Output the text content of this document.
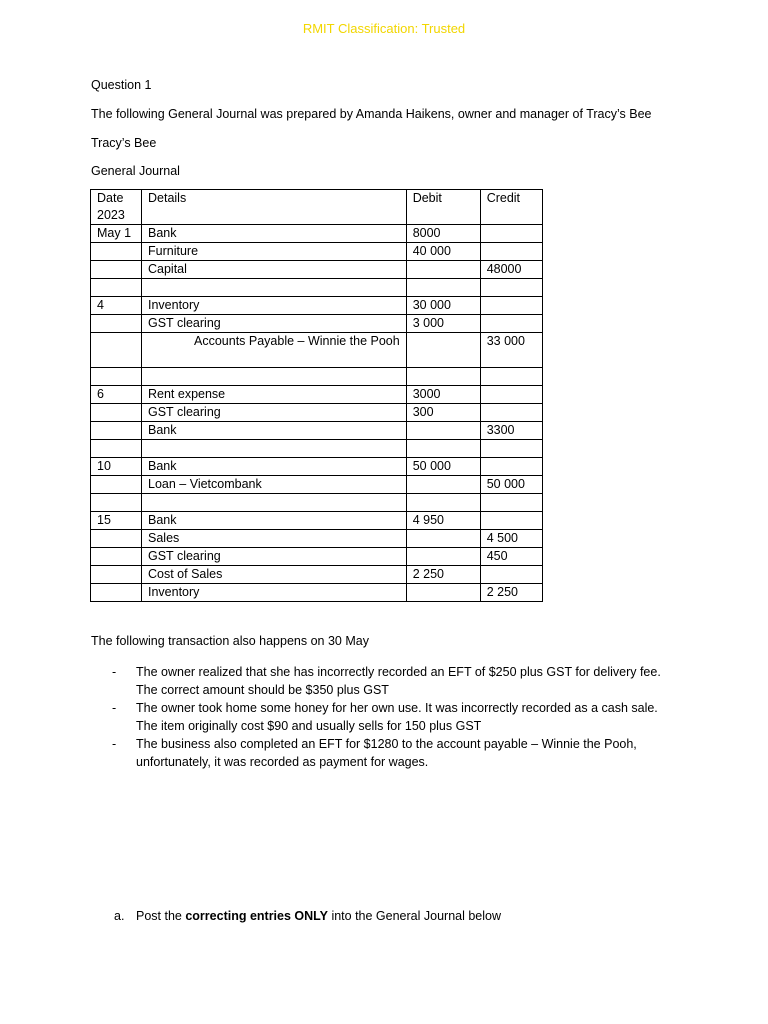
RMIT Classification: Trusted
Question 1
The following General Journal was prepared by Amanda Haikens, owner and manager of Tracy’s Bee
Tracy’s Bee
General Journal
Date
2023	Details	Debit	Credit
May 1	Bank	8000	
	Furniture	40 000	
	Capital		48000

4	Inventory	30 000	
	GST clearing	3 000	

	Accounts Payable – Winnie the Pooh		33 000

6	Rent expense	3000	
	GST clearing	300	
	Bank		3300

10	Bank	50 000	
	Loan – Vietcombank		50 000

15	Bank	4 950	
	Sales		4 500
	GST clearing		450
	Cost of Sales	2 250	
	Inventory		2 250
The following transaction also happens on 30 May
- The owner realized that she has incorrectly recorded an EFT of $250 plus GST for delivery fee. The correct amount should be $350 plus GST
- The owner took home some honey for her own use. It was incorrectly recorded as a cash sale. The item originally cost $90 and usually sells for 150 plus GST
- The business also completed an EFT for $1280 to the account payable – Winnie the Pooh, unfortunately, it was recorded as payment for wages.
a. Post the correcting entries ONLY into the General Journal below
